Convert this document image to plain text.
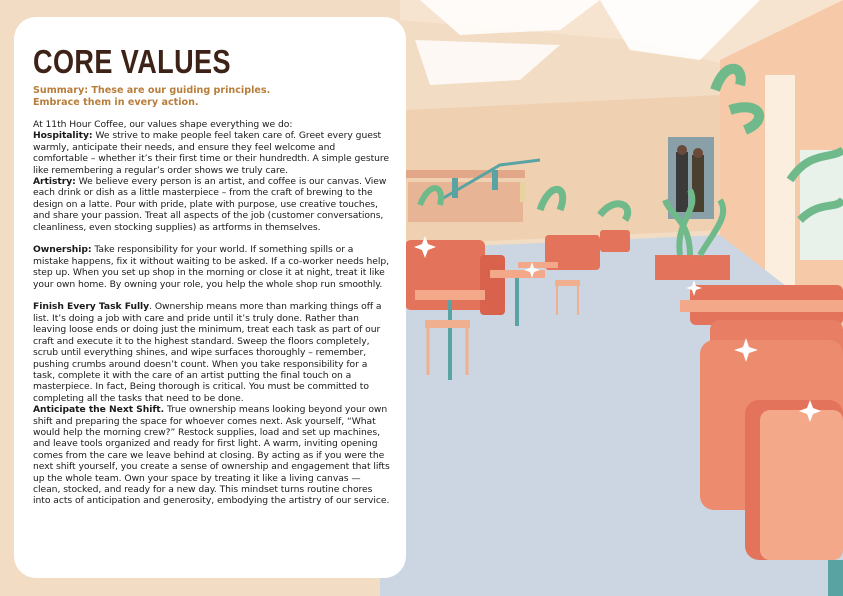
CORE VALUES
Summary: These are our guiding principles.
Embrace them in every action.

At 11th Hour Coffee, our values shape everything we do:

Hospitality: We strive to make people feel taken care of. Greet every guest warmly, anticipate their needs, and ensure they feel welcome and comfortable – whether it’s their first time or their hundredth. A simple gesture like remembering a regular’s order shows we truly care.

Artistry: We believe every person is an artist, and coffee is our canvas. View each drink or dish as a little masterpiece – from the craft of brewing to the design on a latte. Pour with pride, plate with purpose, use creative touches, and share your passion. Treat all aspects of the job (customer conversations, cleanliness, even stocking supplies) as artforms in themselves.

Ownership: Take responsibility for your world. If something spills or a mistake happens, fix it without waiting to be asked. If a co-worker needs help, step up. When you set up shop in the morning or close it at night, treat it like your own home. By owning your role, you help the whole shop run smoothly.

Finish Every Task Fully. Ownership means more than marking things off a list. It’s doing a job with care and pride until it’s truly done. Rather than leaving loose ends or doing just the minimum, treat each task as part of our craft and execute it to the highest standard. Sweep the floors completely, scrub until everything shines, and wipe surfaces thoroughly – remember, pushing crumbs around doesn’t count. When you take responsibility for a task, complete it with the care of an artist putting the final touch on a masterpiece. In fact, Being thorough is critical. You must be committed to completing all the tasks that need to be done.

Anticipate the Next Shift. True ownership means looking beyond your own shift and preparing the space for whoever comes next. Ask yourself, “What would help the morning crew?” Restock supplies, load and set up machines, and leave tools organized and ready for first light. A warm, inviting opening comes from the care we leave behind at closing. By acting as if you were the next shift yourself, you create a sense of ownership and engagement that lifts up the whole team. Own your space by treating it like a living canvas — clean, stocked, and ready for a new day. This mindset turns routine chores into acts of anticipation and generosity, embodying the artistry of our service.
